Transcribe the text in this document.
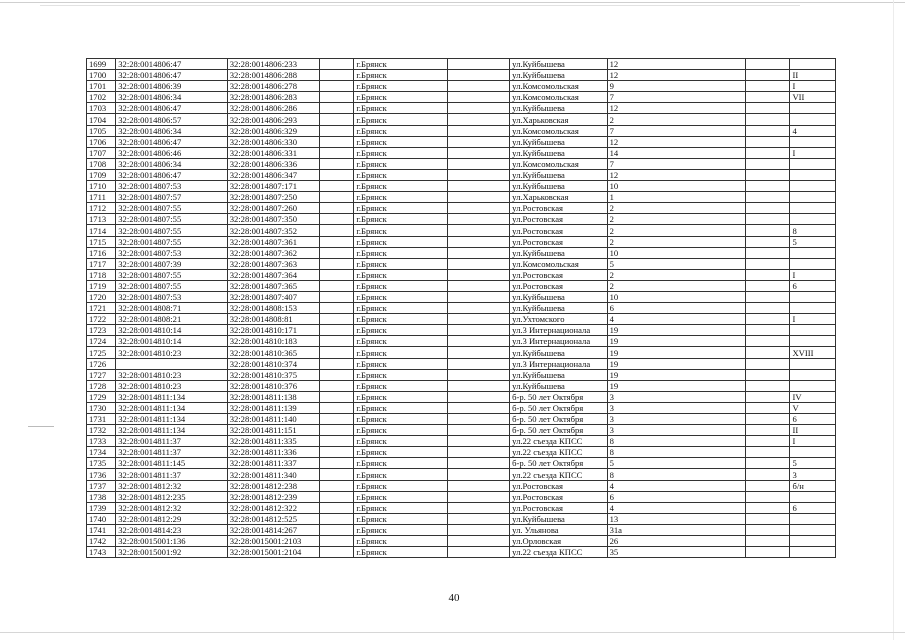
1699	32:28:0014806:47	32:28:0014806:233		г.Брянск		ул.Куйбышева	12		
1700	32:28:0014806:47	32:28:0014806:288		г.Брянск		ул.Куйбышева	12		II
1701	32:28:0014806:39	32:28:0014806:278		г.Брянск		ул.Комсомольская	9		I
1702	32:28:0014806:34	32:28:0014806:283		г.Брянск		ул.Комсомольская	7		VII
1703	32:28:0014806:47	32:28:0014806:286		г.Брянск		ул.Куйбышева	12		
1704	32:28:0014806:57	32:28:0014806:293		г.Брянск		ул.Харьковская	2		
1705	32:28:0014806:34	32:28:0014806:329		г.Брянск		ул.Комсомольская	7		4
1706	32:28:0014806:47	32:28:0014806:330		г.Брянск		ул.Куйбышева	12		
1707	32:28:0014806:46	32:28:0014806:331		г.Брянск		ул.Куйбышева	14		I
1708	32:28:0014806:34	32:28:0014806:336		г.Брянск		ул.Комсомольская	7		
1709	32:28:0014806:47	32:28:0014806:347		г.Брянск		ул.Куйбышева	12		
1710	32:28:0014807:53	32:28:0014807:171		г.Брянск		ул.Куйбышева	10		
1711	32:28:0014807:57	32:28:0014807:250		г.Брянск		ул.Харьковская	1		
1712	32:28:0014807:55	32:28:0014807:260		г.Брянск		ул.Ростовская	2		
1713	32:28:0014807:55	32:28:0014807:350		г.Брянск		ул.Ростовская	2		
1714	32:28:0014807:55	32:28:0014807:352		г.Брянск		ул.Ростовская	2		8
1715	32:28:0014807:55	32:28:0014807:361		г.Брянск		ул.Ростовская	2		5
1716	32:28:0014807:53	32:28:0014807:362		г.Брянск		ул.Куйбышева	10		
1717	32:28:0014807:39	32:28:0014807:363		г.Брянск		ул.Комсомольская	5		
1718	32:28:0014807:55	32:28:0014807:364		г.Брянск		ул.Ростовская	2		I
1719	32:28:0014807:55	32:28:0014807:365		г.Брянск		ул.Ростовская	2		6
1720	32:28:0014807:53	32:28:0014807:407		г.Брянск		ул.Куйбышева	10		
1721	32:28:0014808:71	32:28:0014808:153		г.Брянск		ул.Куйбышева	6		
1722	32:28:0014808:21	32:28:0014808:81		г.Брянск		ул.Ухтомского	4		I
1723	32:28:0014810:14	32:28:0014810:171		г.Брянск		ул.3 Интернационала	19		
1724	32:28:0014810:14	32:28:0014810:183		г.Брянск		ул.3 Интернационала	19		
1725	32:28:0014810:23	32:28:0014810:365		г.Брянск		ул.Куйбышева	19		XVIII
1726		32:28:0014810:374		г.Брянск		ул.3 Интернационала	19		
1727	32:28:0014810:23	32:28:0014810:375		г.Брянск		ул.Куйбышева	19		
1728	32:28:0014810:23	32:28:0014810:376		г.Брянск		ул.Куйбышева	19		
1729	32:28:0014811:134	32:28:0014811:138		г.Брянск		б-р. 50 лет Октября	3		IV
1730	32:28:0014811:134	32:28:0014811:139		г.Брянск		б-р. 50 лет Октября	3		V
1731	32:28:0014811:134	32:28:0014811:140		г.Брянск		б-р. 50 лет Октября	3		6
1732	32:28:0014811:134	32:28:0014811:151		г.Брянск		б-р. 50 лет Октября	3		II
1733	32:28:0014811:37	32:28:0014811:335		г.Брянск		ул.22 съезда КПСС	8		I
1734	32:28:0014811:37	32:28:0014811:336		г.Брянск		ул.22 съезда КПСС	8		
1735	32:28:0014811:145	32:28:0014811:337		г.Брянск		б-р. 50 лет Октября	5		5
1736	32:28:0014811:37	32:28:0014811:340		г.Брянск		ул.22 съезда КПСС	8		3
1737	32:28:0014812:32	32:28:0014812:238		г.Брянск		ул.Ростовская	4		б/н
1738	32:28:0014812:235	32:28:0014812:239		г.Брянск		ул.Ростовская	6		
1739	32:28:0014812:32	32:28:0014812:322		г.Брянск		ул.Ростовская	4		6
1740	32:28:0014812:29	32:28:0014812:525		г.Брянск		ул.Куйбышева	13		
1741	32:28:0014814:23	32:28:0014814:267		г.Брянск		ул. Ульянова	31а		
1742	32:28:0015001:136	32:28:0015001:2103		г.Брянск		ул.Орловская	26		
1743	32:28:0015001:92	32:28:0015001:2104		г.Брянск		ул.22 съезда КПСС	35		
40
